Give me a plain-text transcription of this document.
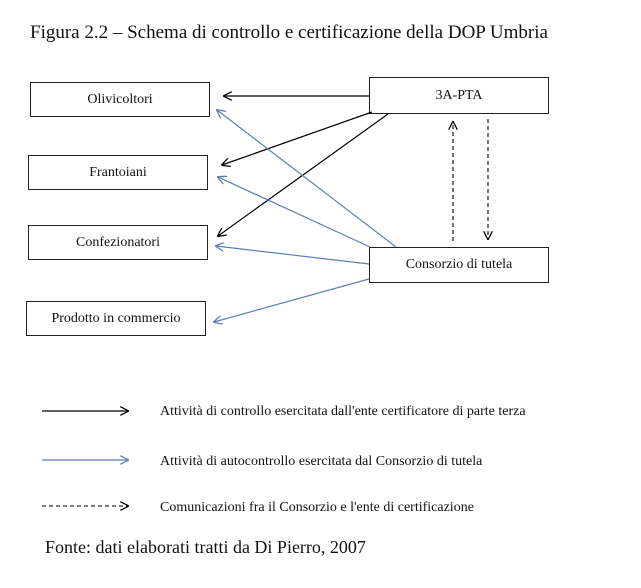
Figura 2.2 – Schema di controllo e certificazione della DOP Umbria
Olivicoltori
Frantoiani
Confezionatori
Prodotto in commercio
3A-PTA
Consorzio di tutela
Attività di controllo esercitata dall'ente certificatore di parte terza
Attività di autocontrollo esercitata dal Consorzio di tutela
Comunicazioni fra il Consorzio e l'ente di certificazione
Fonte: dati elaborati tratti da Di Pierro, 2007
